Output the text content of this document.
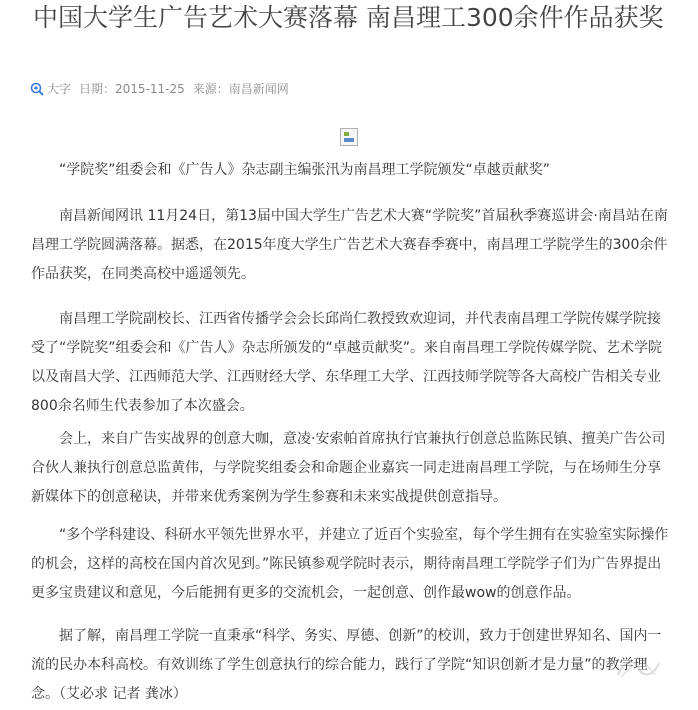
中国大学生广告艺术大赛落幕 南昌理工300余件作品获奖
大字 日期： 2015-11-25 来源： 南昌新闻网

“学院奖”组委会和《广告人》杂志副主编张汛为南昌理工学院颁发“卓越贡献奖”

南昌新闻网讯 11月24日，第13届中国大学生广告艺术大赛“学院奖”首届秋季赛巡讲会·南昌站在南昌理工学院圆满落幕。据悉，在2015年度大学生广告艺术大赛春季赛中，南昌理工学院学生的300余件作品获奖，在同类高校中遥遥领先。

南昌理工学院副校长、江西省传播学会会长邱尚仁教授致欢迎词，并代表南昌理工学院传媒学院接受了“学院奖”组委会和《广告人》杂志所颁发的“卓越贡献奖”。来自南昌理工学院传媒学院、艺术学院以及南昌大学、江西师范大学、江西财经大学、东华理工大学、江西技师学院等各大高校广告相关专业800余名师生代表参加了本次盛会。

会上，来自广告实战界的创意大咖，意凌·安索帕首席执行官兼执行创意总监陈民镇、擅美广告公司合伙人兼执行创意总监黄伟，与学院奖组委会和命题企业嘉宾一同走进南昌理工学院，与在场师生分享新媒体下的创意秘诀，并带来优秀案例为学生参赛和未来实战提供创意指导。

“多个学科建设、科研水平领先世界水平，并建立了近百个实验室，每个学生拥有在实验室实际操作的机会，这样的高校在国内首次见到。”陈民镇参观学院时表示，期待南昌理工学院学子们为广告界提出更多宝贵建议和意见，今后能拥有更多的交流机会，一起创意、创作最wow的创意作品。

据了解，南昌理工学院一直秉承“科学、务实、厚德、创新”的校训，致力于创建世界知名、国内一流的民办本科高校。有效训练了学生创意执行的综合能力，践行了学院“知识创新才是力量”的教学理念。（艾必求 记者 龚冰）
